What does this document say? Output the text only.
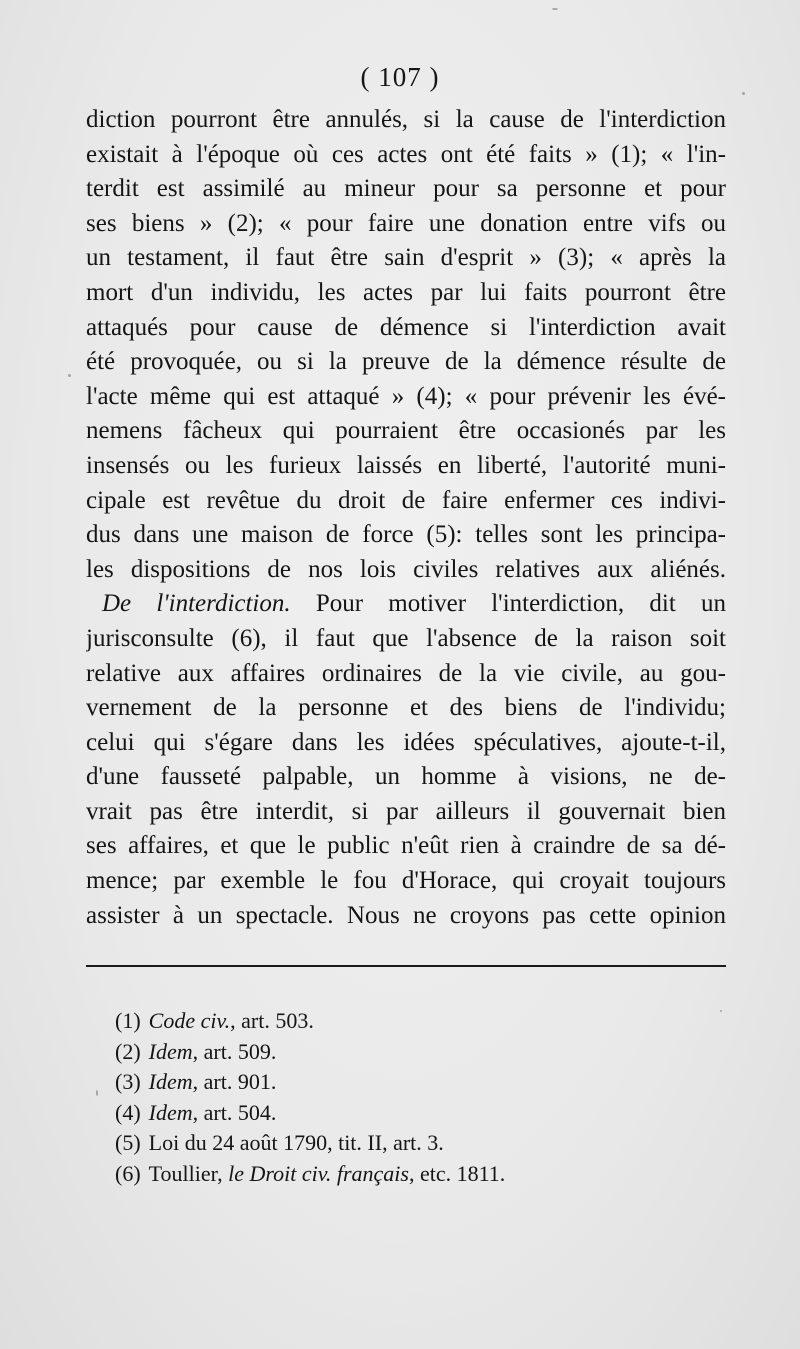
( 107 )
diction pourront être annulés, si la cause de l'interdiction
existait à l'époque où ces actes ont été faits » (1); « l'in-
terdit est assimilé au mineur pour sa personne et pour
ses biens » (2); « pour faire une donation entre vifs ou
un testament, il faut être sain d'esprit » (3); « après la
mort d'un individu, les actes par lui faits pourront être
attaqués pour cause de démence si l'interdiction avait
été provoquée, ou si la preuve de la démence résulte de
l'acte même qui est attaqué » (4); « pour prévenir les évé-
nemens fâcheux qui pourraient être occasionés par les
insensés ou les furieux laissés en liberté, l'autorité muni-
cipale est revêtue du droit de faire enfermer ces indivi-
dus dans une maison de force (5): telles sont les principa-
les dispositions de nos lois civiles relatives aux aliénés.
De l'interdiction. Pour motiver l'interdiction, dit un
jurisconsulte (6), il faut que l'absence de la raison soit
relative aux affaires ordinaires de la vie civile, au gou-
vernement de la personne et des biens de l'individu;
celui qui s'égare dans les idées spéculatives, ajoute-t-il,
d'une fausseté palpable, un homme à visions, ne de-
vrait pas être interdit, si par ailleurs il gouvernait bien
ses affaires, et que le public n'eût rien à craindre de sa dé-
mence; par exemble le fou d'Horace, qui croyait toujours
assister à un spectacle. Nous ne croyons pas cette opinion
(1) Code civ., art. 503.
(2) Idem, art. 509.
(3) Idem, art. 901.
(4) Idem, art. 504.
(5) Loi du 24 août 1790, tit. II, art. 3.
(6) Toullier, le Droit civ. français, etc. 1811.
